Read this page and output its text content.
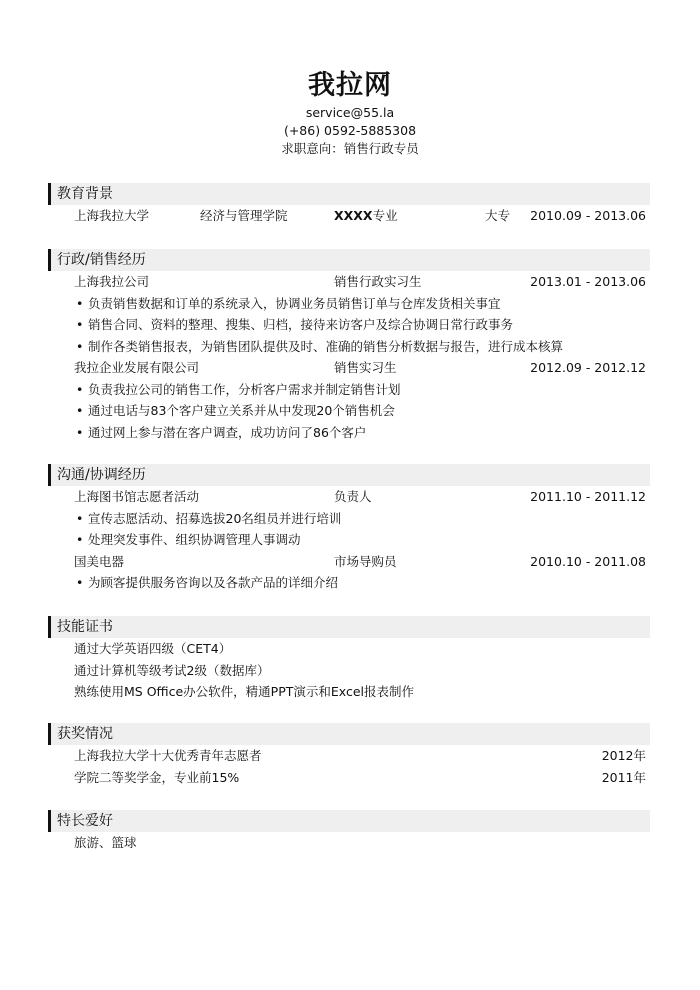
我拉网
service@55.la
(+86) 0592-5885308
求职意向：销售行政专员
教育背景
上海我拉大学	经济与管理学院	XXXX专业	大专 2010.09 - 2013.06
行政/销售经历
上海我拉公司	销售行政实习生	2013.01 - 2013.06
• 负责销售数据和订单的系统录入，协调业务员销售订单与仓库发货相关事宜
• 销售合同、资料的整理、搜集、归档，接待来访客户及综合协调日常行政事务
• 制作各类销售报表，为销售团队提供及时、准确的销售分析数据与报告，进行成本核算
我拉企业发展有限公司	销售实习生	2012.09 - 2012.12
• 负责我拉公司的销售工作，分析客户需求并制定销售计划
• 通过电话与83个客户建立关系并从中发现20个销售机会
• 通过网上参与潜在客户调查，成功访问了86个客户
沟通/协调经历
上海图书馆志愿者活动	负责人	2011.10 - 2011.12
• 宣传志愿活动、招募选拔20名组员并进行培训
• 处理突发事件、组织协调管理人事调动
国美电器	市场导购员	2010.10 - 2011.08
• 为顾客提供服务咨询以及各款产品的详细介绍
技能证书
通过大学英语四级（CET4）
通过计算机等级考试2级（数据库）
熟练使用MS Office办公软件，精通PPT演示和Excel报表制作
获奖情况
上海我拉大学十大优秀青年志愿者	2012年
学院二等奖学金，专业前15%	2011年
特长爱好
旅游、篮球
